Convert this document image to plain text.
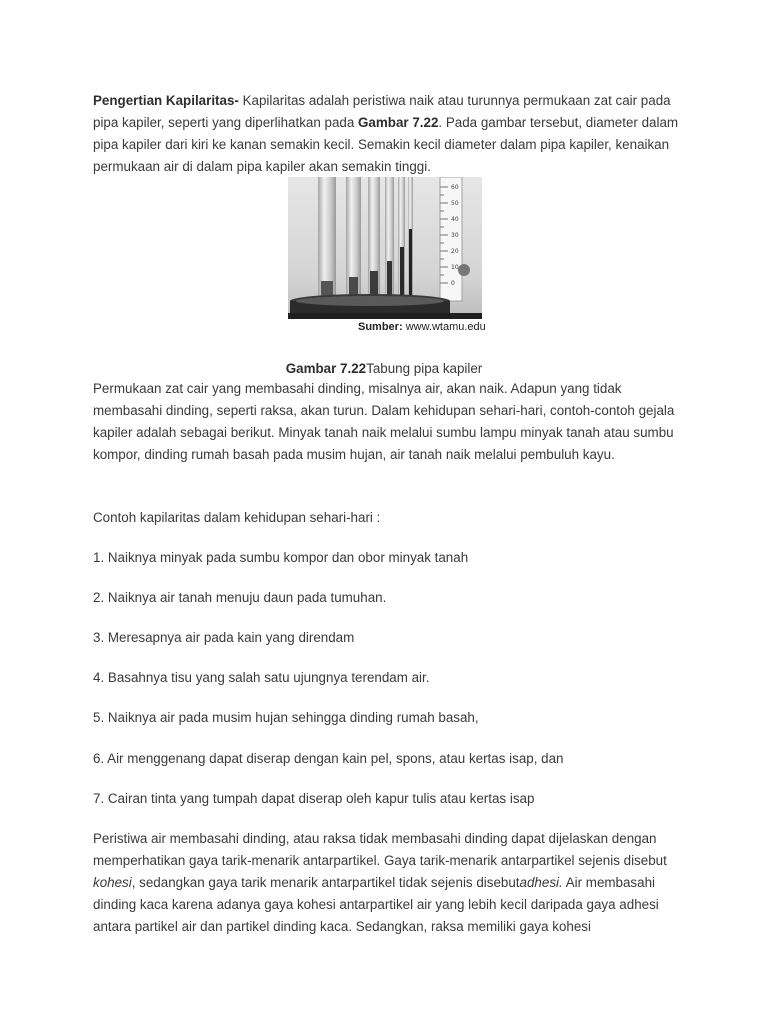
Pengertian Kapilaritas- Kapilaritas adalah peristiwa naik atau turunnya permukaan zat cair pada pipa kapiler, seperti yang diperlihatkan pada Gambar 7.22. Pada gambar tersebut, diameter dalam pipa kapiler dari kiri ke kanan semakin kecil. Semakin kecil diameter dalam pipa kapiler, kenaikan permukaan air di dalam pipa kapiler akan semakin tinggi.

60
50
40
30
20
10
0
Sumber: www.wtamu.edu
Gambar 7.22Tabung pipa kapiler

Permukaan zat cair yang membasahi dinding, misalnya air, akan naik. Adapun yang tidak membasahi dinding, seperti raksa, akan turun. Dalam kehidupan sehari-hari, contoh-contoh gejala kapiler adalah sebagai berikut. Minyak tanah naik melalui sumbu lampu minyak tanah atau sumbu kompor, dinding rumah basah pada musim hujan, air tanah naik melalui pembuluh kayu.

Contoh kapilaritas dalam kehidupan sehari-hari :

1. Naiknya minyak pada sumbu kompor dan obor minyak tanah

2. Naiknya air tanah menuju daun pada tumuhan.

3. Meresapnya air pada kain yang direndam

4. Basahnya tisu yang salah satu ujungnya terendam air.

5. Naiknya air pada musim hujan sehingga dinding rumah basah,

6. Air menggenang dapat diserap dengan kain pel, spons, atau kertas isap, dan

7. Cairan tinta yang tumpah dapat diserap oleh kapur tulis atau kertas isap

Peristiwa air membasahi dinding, atau raksa tidak membasahi dinding dapat dijelaskan dengan memperhatikan gaya tarik-menarik antarpartikel. Gaya tarik-menarik antarpartikel sejenis disebut kohesi, sedangkan gaya tarik menarik antarpartikel tidak sejenis disebutadhesi. Air membasahi dinding kaca karena adanya gaya kohesi antarpartikel air yang lebih kecil daripada gaya adhesi antara partikel air dan partikel dinding kaca. Sedangkan, raksa memiliki gaya kohesi
